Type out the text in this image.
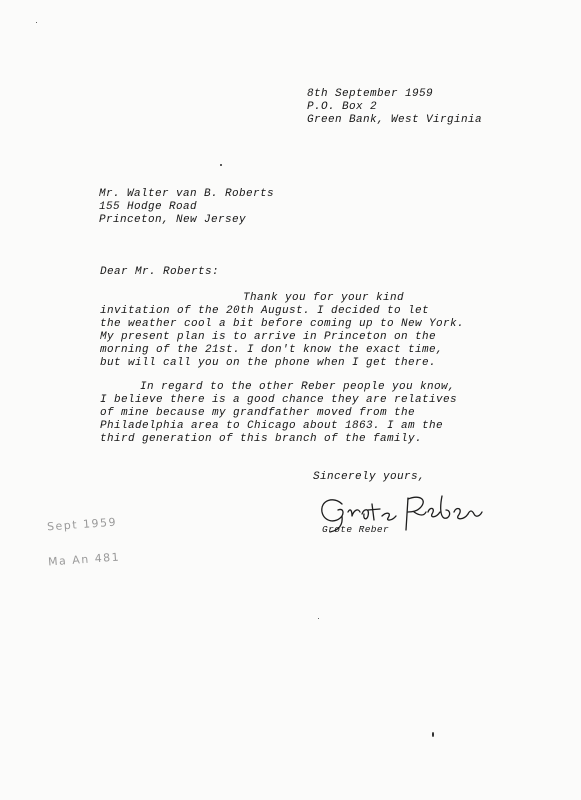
8th September 1959
P.O. Box 2
Green Bank, West Virginia
Mr. Walter van B. Roberts
155 Hodge Road
Princeton, New Jersey
Dear Mr. Roberts:
Thank you for your kind
invitation of the 20th August. I decided to let
the weather cool a bit before coming up to New York.
My present plan is to arrive in Princeton on the
morning of the 21st. I don't know the exact time,
but will call you on the phone when I get there.
In regard to the other Reber people you know,
I believe there is a good chance they are relatives
of mine because my grandfather moved from the
Philadelphia area to Chicago about 1863. I am the
third generation of this branch of the family.
Sincerely yours,
Grote Reber
Sept 1959
Ma An 481
